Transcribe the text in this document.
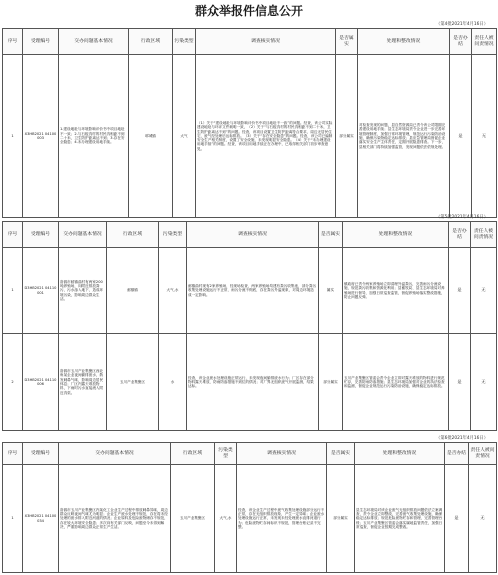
群众举报件信息公开
（第4批2021年4月16日）
序号	受理编号	交办问题基本情况	行政区域	污染类型	调查核实情况	是否属实	处理和整改情况	是否办结	责任人被问责情况
1	X3HB2021 04100003	1.建设地址与环境影响评价书中项目地址不一致；2.与石板沟村的村民沟相距不到二十米，卫生防护距离达不到；3.存在安全隐患；4.未办理建设用地手续。	耶城镇	大气	（1）关于“建设地址与环境影响评价书中项目地址不一致”的问题。经查，该公司实际建设地址与环评文件载明一致，（2）关于“与石板沟村的村民沟相距不到二十米，卫生防护距离达不到”的问题。经查，该项目设置卫生防护距离符合要求，周边无居民住宅，废气经处理后达标排放。（3）关于“存在安全隐患”的问题。经查，该公司已编制安全生产相关制度，设置了安全设施，未发现明显安全隐患。（4）关于“未办理建设用地手续”的问题。经查，该项目用地手续正在办理中，已取得相关部门初步审查意见。	部分属实	对检查发现的问题，县自然资源局已责令该公司限期完善建设用地手续；县生态环境局责令企业进一步完善环境管理制度，加强日常环境管理，规范运行污染防治设施，确保污染物稳定达标排放；县应急管理局督促企业落实安全生产主体责任，定期开展隐患排查。下一步，县相关部门将持续加强监管，发现问题依法依规处理。	是	无
（第5批2021年4月16日）
序号	受理编号	交办问题基本情况	行政区域	污染类型	调查核实情况	是否属实	处理和整改情况	是否办结	责任人被问责情况
1	D3HB2021 04110001	洛源市邮镇曲村有两家200吨养殖场，向附近排放粪污，污水渗入地下，造成环境污染，影响周边群众生活。	邮镇镇	大气,水	邮镇曲村现有2家养殖场，经现场检查，两家养殖场均建有粪污收集池，部分粪污收集处理设施运行不正常，雨污分流不彻底，存在粪污外溢现象，对周边环境造成一定影响。	属实	镇政府已责令两家养殖场立即清理外溢粪污，完善雨污分流设施，规范粪污收集和资源化利用；县畜牧局、县生态环境局对养殖场进行督导，加强日常巡查监管，督促养殖场落实整改措施，防止问题反弹。	是	无
2	D3HB2021 04110006	洛源市玉川产业集聚区西北角某企业夜间偷排废水，散发刺鼻气味，影响周边居民休息；厂区内露天堆放物料，下雨时污水直接流入附近沟渠。	玉川产业集聚区	水	经查，该企业废水处理设施正常运行，未发现夜间偷排废水行为；厂区存在部分物料露天堆放、防雨防渗措施不到位的情况；对厂界无组织废气开展监测，结果达标。	部分属实	玉川产业集聚区管委会责令企业立即对露天堆放的物料进行规范贮存，完善防雨防渗措施；县生态环境局加强对企业的执法检查和监测，督促企业规范运行污染防治设施，确保稳定达标排放。	是	无
（第6批2021年4月16日）
序号	受理编号	交办问题基本情况	行政区域	污染类型	调查核实情况	是否属实	处理和整改情况	是否办结	责任人被问责情况
1	X3HB2021 04100034	洛源市玉川产业集聚区内某化工企业生产过程中排放刺鼻异味，周边群众反映夜间气味尤为明显；企业生产废水处理不规范，存在将未经处理的废水排入附近河道的情况；企业原料及危险废物储存不规范，存在较大环境安全隐患；多次向有关部门反映，问题至今未得到解决，严重影响周边群众正常生产生活。	玉川产业集聚区	大气,水	经查，该企业生产过程中废气收集处理设施部分运行不正常，存在无组织排放现象，产生一定异味；企业废水处理设施运行正常，未发现未经处理废水直排河道行为；危险废物贮存间标识不规范，管理台账记录不完整。	部分属实	县生态环境局对该企业废气无组织排放问题依法立案调查，责令企业立即整改，完善废气收集处理设施，确保稳定达标排放；规范危险废物贮存和管理，完善管理台账；玉川产业集聚区管委会落实属地监管责任，加强日常巡查，督促企业按期完成整改。	是	无
